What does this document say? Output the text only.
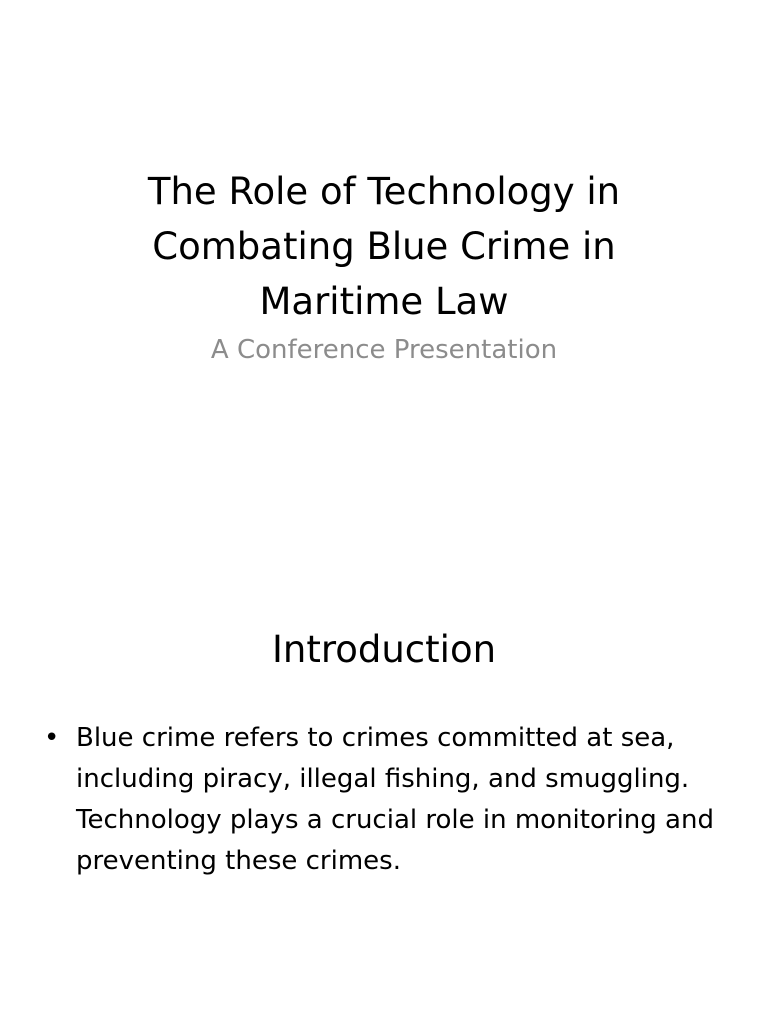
The Role of Technology in Combating Blue Crime in Maritime Law

A Conference Presentation

Introduction
• Blue crime refers to crimes committed at sea, including piracy, illegal fishing, and smuggling. Technology plays a crucial role in monitoring and preventing these crimes.
